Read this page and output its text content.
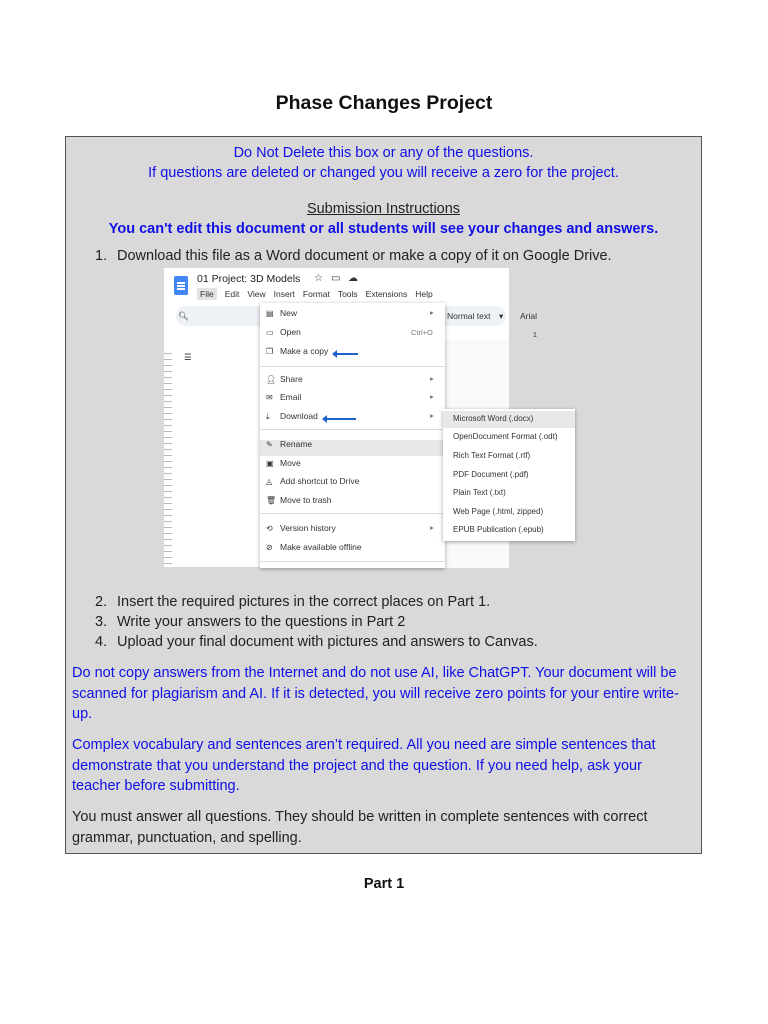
Phase Changes Project
Do Not Delete this box or any of the questions.
If questions are deleted or changed you will receive a zero for the project.
Submission Instructions
You can't edit this document or all students will see your changes and answers.
1. Download this file as a Word document or make a copy of it on Google Drive.
01 Project: 3D Models ☆ ▭ ☁
File Edit View Insert Format Tools Extensions Help
🔍︎	Normal text ▾ Arial
☰
1
▤ New	▸
▭ Open	Ctrl+O
❐ Make a copy
👤︎ Share	▸
✉ Email	▸
⤓ Download	▸
✎ Rename
▣ Move
◬ Add shortcut to Drive
🗑︎ Move to trash
⟲ Version history	▸
⊘ Make available offline
Microsoft Word (.docx)
OpenDocument Format (.odt)
Rich Text Format (.rtf)
PDF Document (.pdf)
Plain Text (.txt)
Web Page (.html, zipped)
EPUB Publication (.epub)
2. Insert the required pictures in the correct places on Part 1.
3. Write your answers to the questions in Part 2
4. Upload your final document with pictures and answers to Canvas.
Do not copy answers from the Internet and do not use AI, like ChatGPT. Your document will be scanned for plagiarism and AI. If it is detected, you will receive zero points for your entire write-up.
Complex vocabulary and sentences aren’t required. All you need are simple sentences that demonstrate that you understand the project and the question. If you need help, ask your teacher before submitting.
You must answer all questions. They should be written in complete sentences with correct grammar, punctuation, and spelling.
Part 1
